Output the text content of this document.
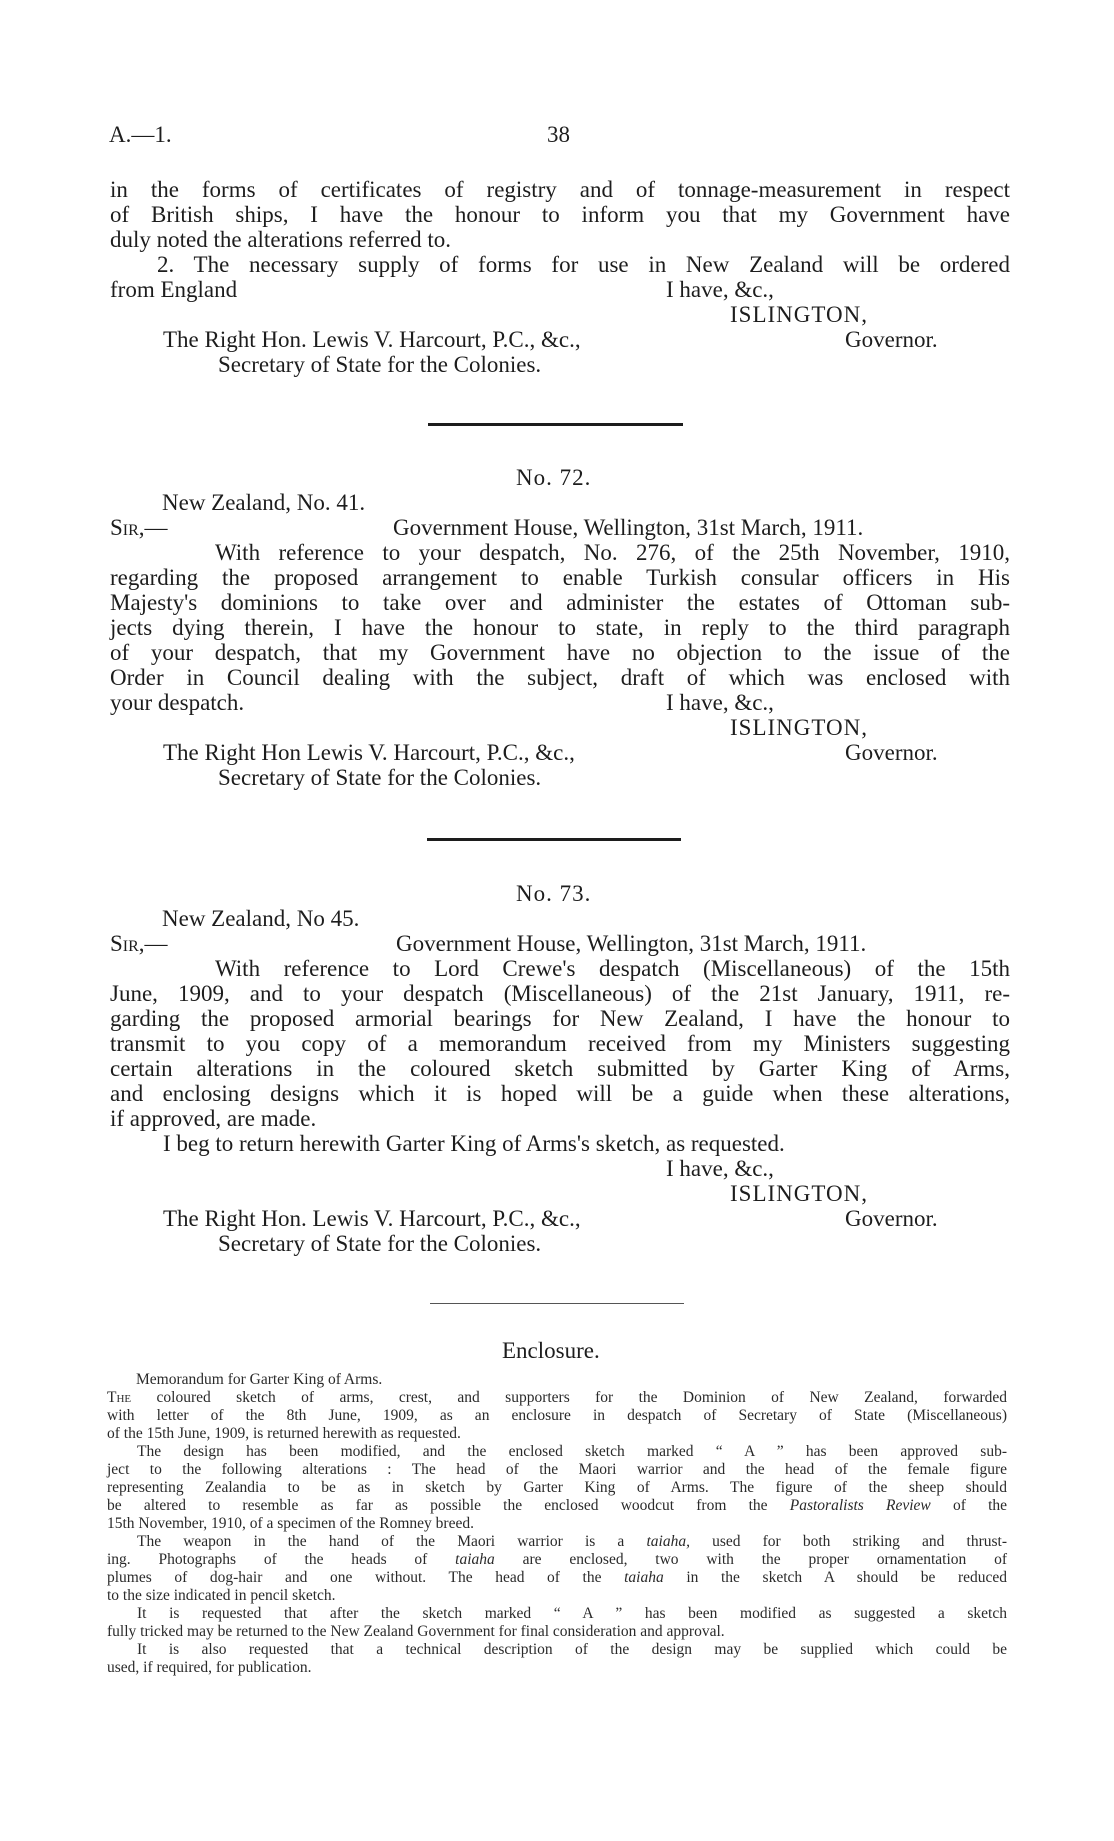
A.—1.	38
in the forms of certificates of registry and of tonnage-measurement in respect
of British ships, I have the honour to inform you that my Government have
duly noted the alterations referred to.
2. The necessary supply of forms for use in New Zealand will be ordered
from England	I have, &c.,
ISLINGTON,
The Right Hon. Lewis V. Harcourt, P.C., &c.,	Governor.
Secretary of State for the Colonies.
No. 72.
New Zealand, No. 41.
Sir,—	Government House, Wellington, 31st March, 1911.
With reference to your despatch, No. 276, of the 25th November, 1910,
regarding the proposed arrangement to enable Turkish consular officers in His
Majesty's dominions to take over and administer the estates of Ottoman sub-
jects dying therein, I have the honour to state, in reply to the third paragraph
of your despatch, that my Government have no objection to the issue of the
Order in Council dealing with the subject, draft of which was enclosed with
your despatch.	I have, &c.,
ISLINGTON,
The Right Hon Lewis V. Harcourt, P.C., &c.,	Governor.
Secretary of State for the Colonies.
No. 73.
New Zealand, No 45.
Sir,—	Government House, Wellington, 31st March, 1911.
With reference to Lord Crewe's despatch (Miscellaneous) of the 15th
June, 1909, and to your despatch (Miscellaneous) of the 21st January, 1911, re-
garding the proposed armorial bearings for New Zealand, I have the honour to
transmit to you copy of a memorandum received from my Ministers suggesting
certain alterations in the coloured sketch submitted by Garter King of Arms,
and enclosing designs which it is hoped will be a guide when these alterations,
if approved, are made.
I beg to return herewith Garter King of Arms's sketch, as requested.
I have, &c.,
ISLINGTON,
The Right Hon. Lewis V. Harcourt, P.C., &c.,	Governor.
Secretary of State for the Colonies.
Enclosure.
Memorandum for Garter King of Arms.
The coloured sketch of arms, crest, and supporters for the Dominion of New Zealand, forwarded
with letter of the 8th June, 1909, as an enclosure in despatch of Secretary of State (Miscellaneous)
of the 15th June, 1909, is returned herewith as requested.
The design has been modified, and the enclosed sketch marked “ A ” has been approved sub-
ject to the following alterations : The head of the Maori warrior and the head of the female figure
representing Zealandia to be as in sketch by Garter King of Arms. The figure of the sheep should
be altered to resemble as far as possible the enclosed woodcut from the Pastoralists Review of the
15th November, 1910, of a specimen of the Romney breed.
The weapon in the hand of the Maori warrior is a taiaha, used for both striking and thrust-
ing. Photographs of the heads of taiaha are enclosed, two with the proper ornamentation of
plumes of dog-hair and one without. The head of the taiaha in the sketch A should be reduced
to the size indicated in pencil sketch.
It is requested that after the sketch marked “ A ” has been modified as suggested a sketch
fully tricked may be returned to the New Zealand Government for final consideration and approval.
It is also requested that a technical description of the design may be supplied which could be
used, if required, for publication.
